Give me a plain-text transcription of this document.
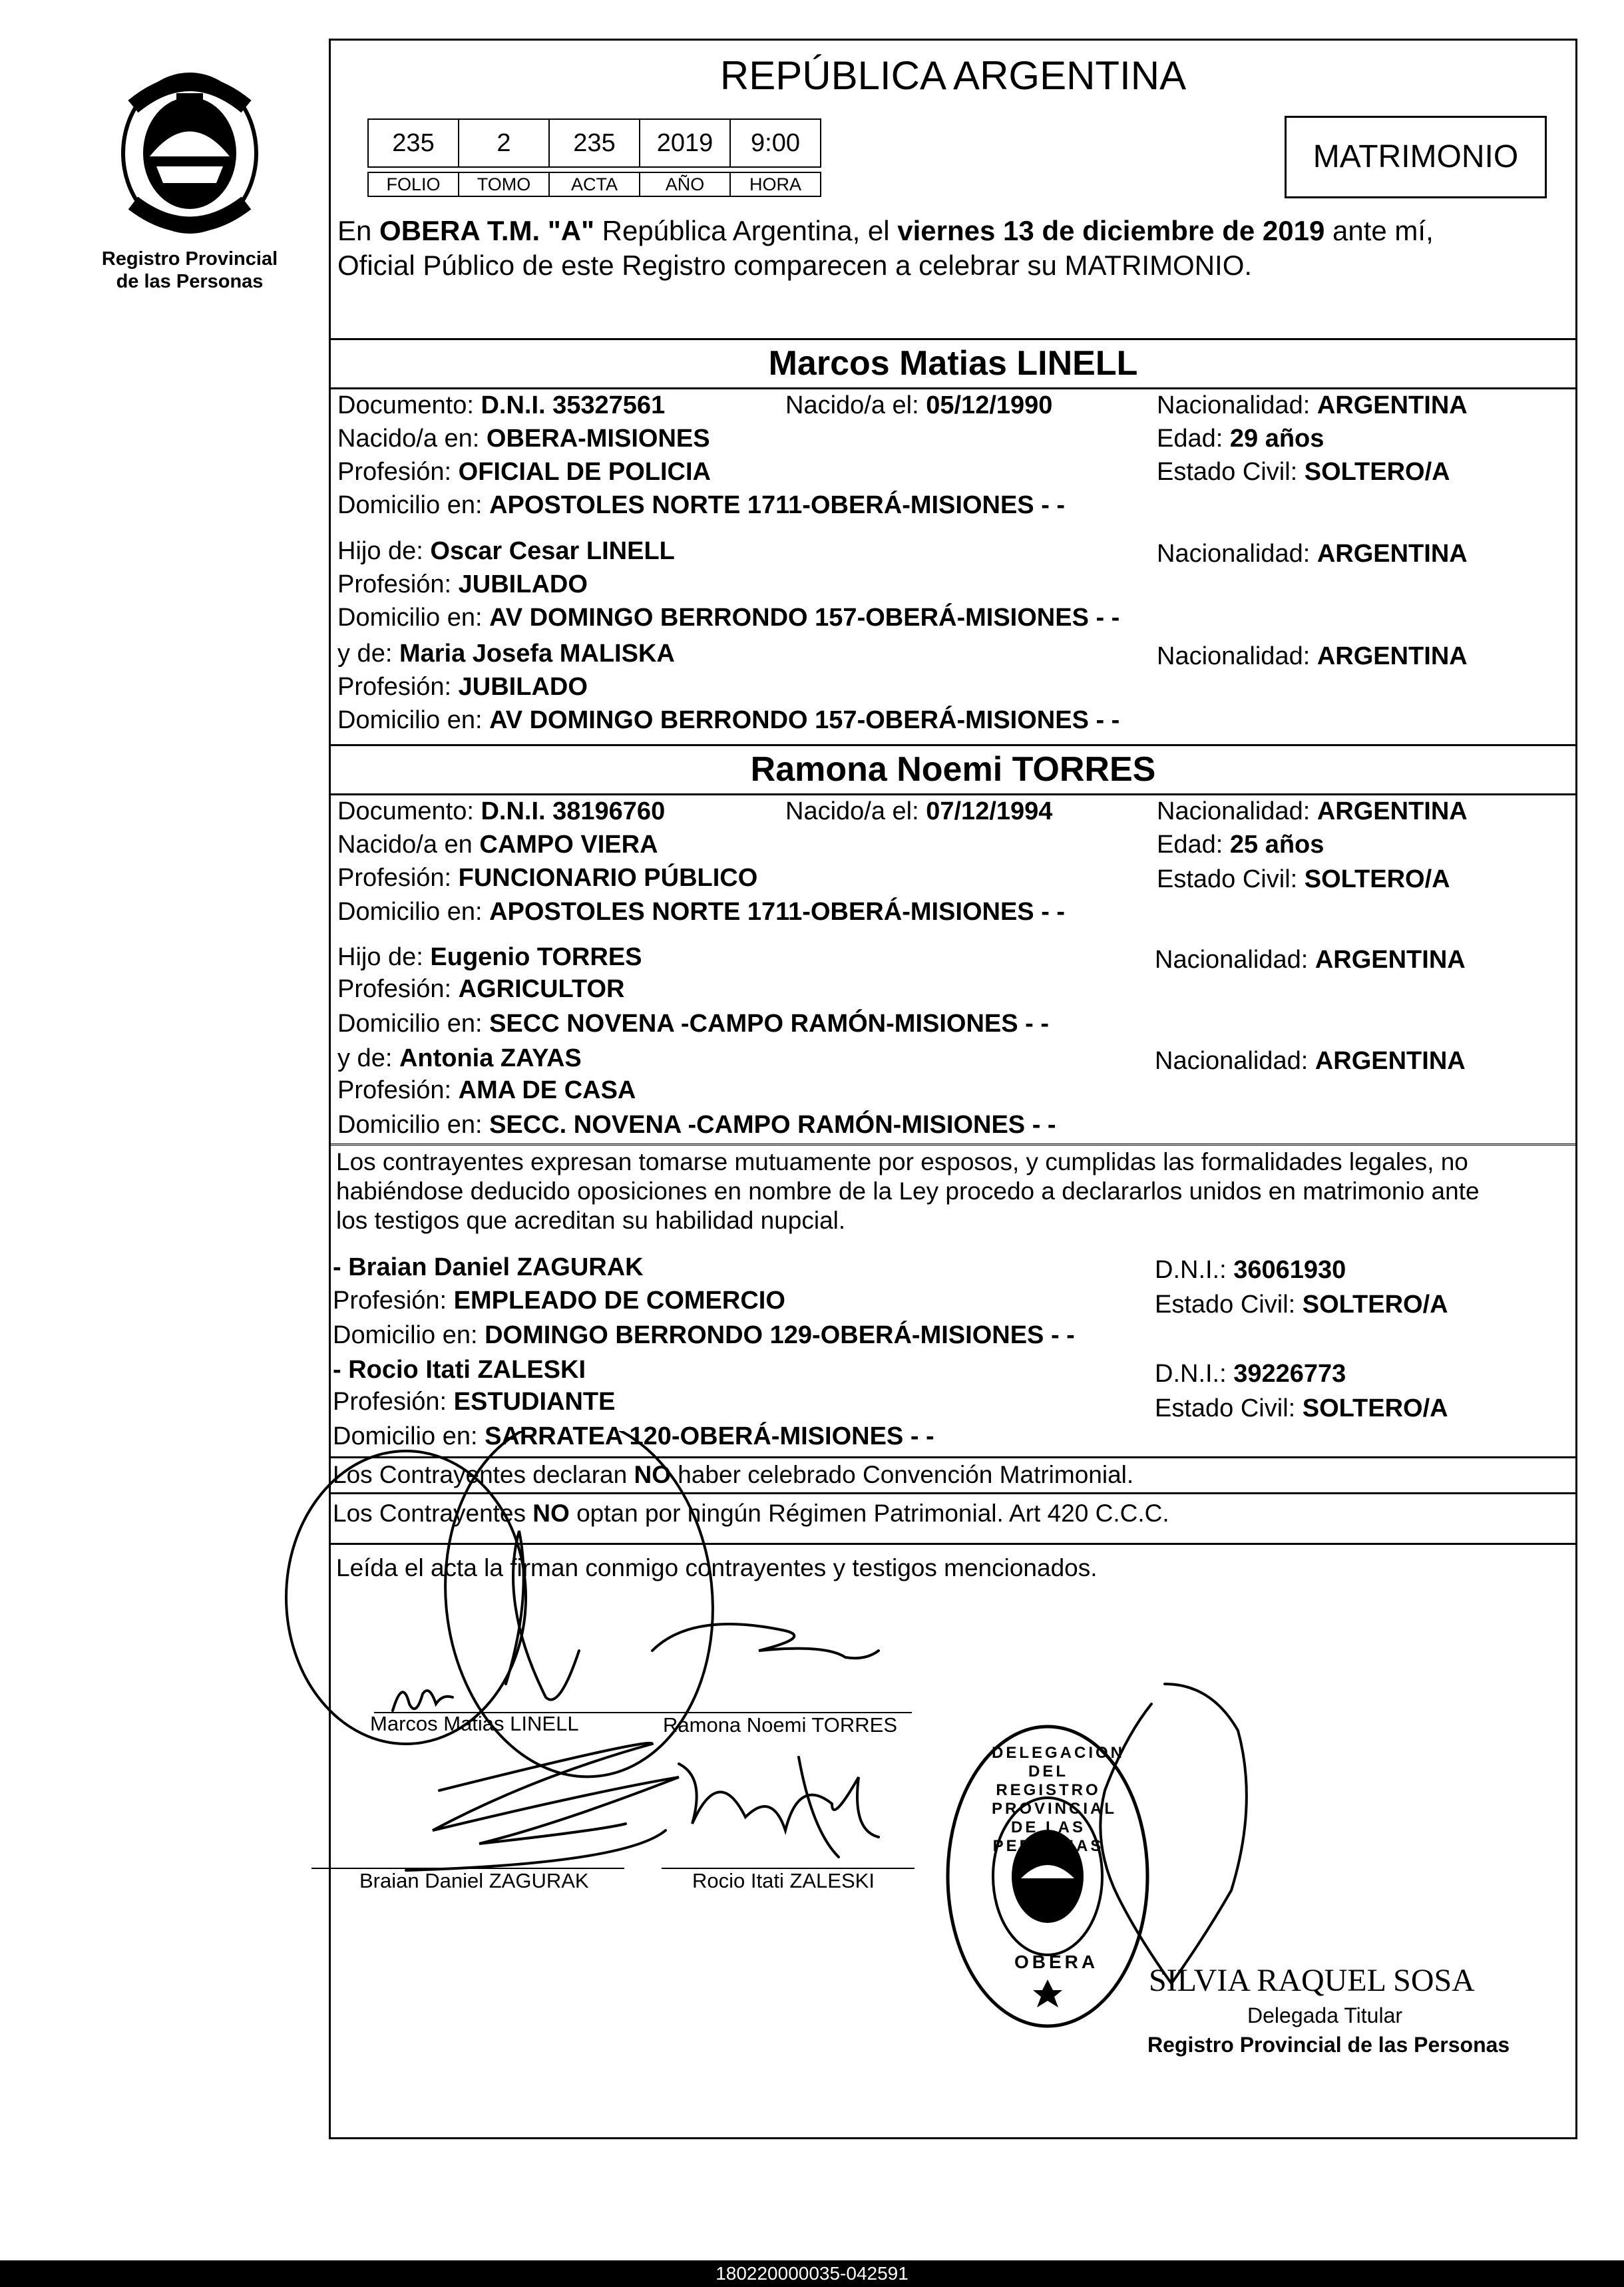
Registro Provincial
de las Personas
REPÚBLICA ARGENTINA
235	2	235	2019	9:00
FOLIO	TOMO	ACTA	AÑO	HORA
MATRIMONIO
En OBERA T.M. "A" República Argentina, el viernes 13 de diciembre de 2019 ante mí,
Oficial Público de este Registro comparecen a celebrar su MATRIMONIO.
Marcos Matias LINELL
Documento: D.N.I. 35327561	Nacido/a el: 05/12/1990	Nacionalidad: ARGENTINA
Nacido/a en: OBERA-MISIONES	Edad: 29 años
Profesión: OFICIAL DE POLICIA	Estado Civil: SOLTERO/A
Domicilio en: APOSTOLES NORTE 1711-OBERÁ-MISIONES - -
Hijo de: Oscar Cesar LINELL	Nacionalidad: ARGENTINA
Profesión: JUBILADO
Domicilio en: AV DOMINGO BERRONDO 157-OBERÁ-MISIONES - -
y de: Maria Josefa MALISKA	Nacionalidad: ARGENTINA
Profesión: JUBILADO
Domicilio en: AV DOMINGO BERRONDO 157-OBERÁ-MISIONES - -
Ramona Noemi TORRES
Documento: D.N.I. 38196760	Nacido/a el: 07/12/1994	Nacionalidad: ARGENTINA
Nacido/a en CAMPO VIERA	Edad: 25 años
Profesión: FUNCIONARIO PÚBLICO	Estado Civil: SOLTERO/A
Domicilio en: APOSTOLES NORTE 1711-OBERÁ-MISIONES - -
Hijo de: Eugenio TORRES	Nacionalidad: ARGENTINA
Profesión: AGRICULTOR
Domicilio en: SECC NOVENA -CAMPO RAMÓN-MISIONES - -
y de: Antonia ZAYAS	Nacionalidad: ARGENTINA
Profesión: AMA DE CASA
Domicilio en: SECC. NOVENA -CAMPO RAMÓN-MISIONES - -
Los contrayentes expresan tomarse mutuamente por esposos, y cumplidas las formalidades legales, no
habiéndose deducido oposiciones en nombre de la Ley procedo a declararlos unidos en matrimonio ante
los testigos que acreditan su habilidad nupcial.
- Braian Daniel ZAGURAK	D.N.I.: 36061930
Profesión: EMPLEADO DE COMERCIO	Estado Civil: SOLTERO/A
Domicilio en: DOMINGO BERRONDO 129-OBERÁ-MISIONES - -
- Rocio Itati ZALESKI	D.N.I.: 39226773
Profesión: ESTUDIANTE	Estado Civil: SOLTERO/A
Domicilio en: SARRATEA 120-OBERÁ-MISIONES - -
Los Contrayentes declaran NO haber celebrado Convención Matrimonial.
Los Contrayentes NO optan por ningún Régimen Patrimonial. Art 420 C.C.C.
Leída el acta la firman conmigo contrayentes y testigos mencionados.
Marcos Matias LINELL	Ramona Noemi TORRES
Braian Daniel ZAGURAK	Rocio Itati ZALESKI
DELEGACION DEL REGISTRO PROVINCIAL DE LAS PERSONAS
OBERA
SILVIA RAQUEL SOSA
Delegada Titular
Registro Provincial de las Personas
180220000035-042591
